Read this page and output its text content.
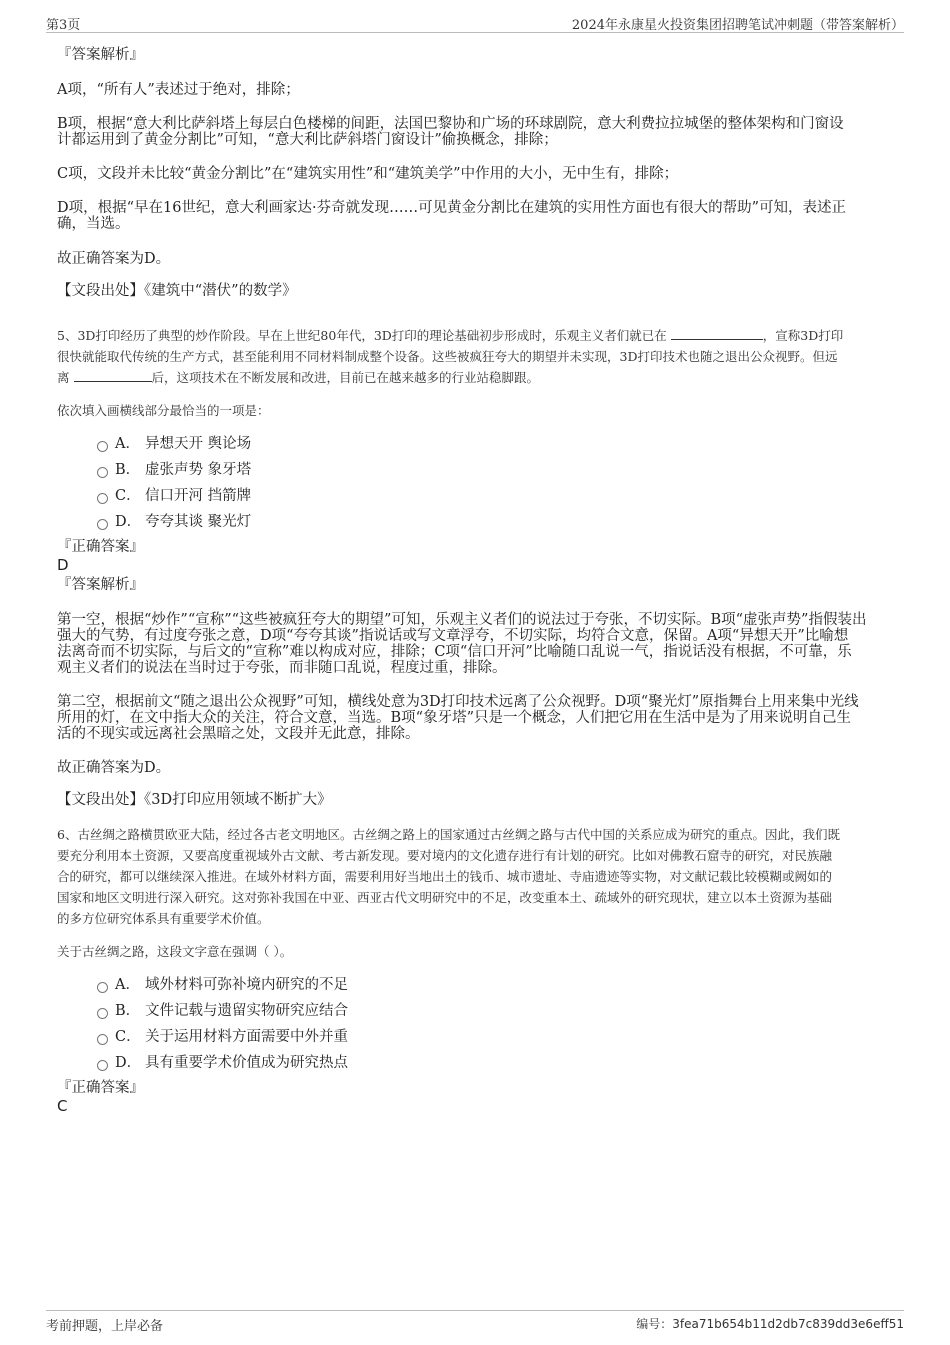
第3页	2024年永康星火投资集团招聘笔试冲刺题（带答案解析）

『答案解析』

A项，“所有人”表述过于绝对，排除；

B项，根据“意大利比萨斜塔上每层白色楼梯的间距，法国巴黎协和广场的环球剧院，意大利费拉拉城堡的整体架构和门窗设

计都运用到了黄金分割比”可知，“意大利比萨斜塔门窗设计”偷换概念，排除；

C项，文段并未比较“黄金分割比”在“建筑实用性”和“建筑美学”中作用的大小，无中生有，排除；

D项，根据“早在16世纪，意大利画家达·芬奇就发现……可见黄金分割比在建筑的实用性方面也有很大的帮助”可知，表述正

确，当选。

故正确答案为D。

【文段出处】《建筑中“潜伏”的数学》

5、3D打印经历了典型的炒作阶段。早在上世纪80年代，3D打印的理论基础初步形成时，乐观主义者们就已在	，宣称3D打印

很快就能取代传统的生产方式，甚至能利用不同材料制成整个设备。这些被疯狂夸大的期望并未实现，3D打印技术也随之退出公众视野。但远

离	后，这项技术在不断发展和改进，目前已在越来越多的行业站稳脚跟。

依次填入画横线部分最恰当的一项是：

A． 异想天开 舆论场
B． 虚张声势 象牙塔
C． 信口开河 挡箭牌
D． 夸夸其谈 聚光灯

『正确答案』

D

『答案解析』

第一空，根据“炒作”“宣称”“这些被疯狂夸大的期望”可知，乐观主义者们的说法过于夸张，不切实际。B项“虚张声势”指假装出

强大的气势，有过度夸张之意，D项“夸夸其谈”指说话或写文章浮夸，不切实际，均符合文意，保留。A项“异想天开”比喻想

法离奇而不切实际，与后文的“宣称”难以构成对应，排除；C项“信口开河”比喻随口乱说一气，指说话没有根据，不可靠，乐

观主义者们的说法在当时过于夸张，而非随口乱说，程度过重，排除。

第二空，根据前文“随之退出公众视野”可知，横线处意为3D打印技术远离了公众视野。D项“聚光灯”原指舞台上用来集中光线

所用的灯，在文中指大众的关注，符合文意，当选。B项“象牙塔”只是一个概念，人们把它用在生活中是为了用来说明自己生

活的不现实或远离社会黑暗之处，文段并无此意，排除。

故正确答案为D。

【文段出处】《3D打印应用领域不断扩大》

6、古丝绸之路横贯欧亚大陆，经过各古老文明地区。古丝绸之路上的国家通过古丝绸之路与古代中国的关系应成为研究的重点。因此，我们既

要充分利用本土资源，又要高度重视域外古文献、考古新发现。要对境内的文化遗存进行有计划的研究。比如对佛教石窟寺的研究，对民族融

合的研究，都可以继续深入推进。在域外材料方面，需要利用好当地出土的钱币、城市遗址、寺庙遗迹等实物，对文献记载比较模糊或阙如的

国家和地区文明进行深入研究。这对弥补我国在中亚、西亚古代文明研究中的不足，改变重本土、疏域外的研究现状，建立以本土资源为基础

的多方位研究体系具有重要学术价值。

关于古丝绸之路，这段文字意在强调（ ）。

A． 域外材料可弥补境内研究的不足
B． 文件记载与遗留实物研究应结合
C． 关于运用材料方面需要中外并重
D． 具有重要学术价值成为研究热点

『正确答案』

C

考前押题，上岸必备	编号：3fea71b654b11d2db7c839dd3e6eff51
